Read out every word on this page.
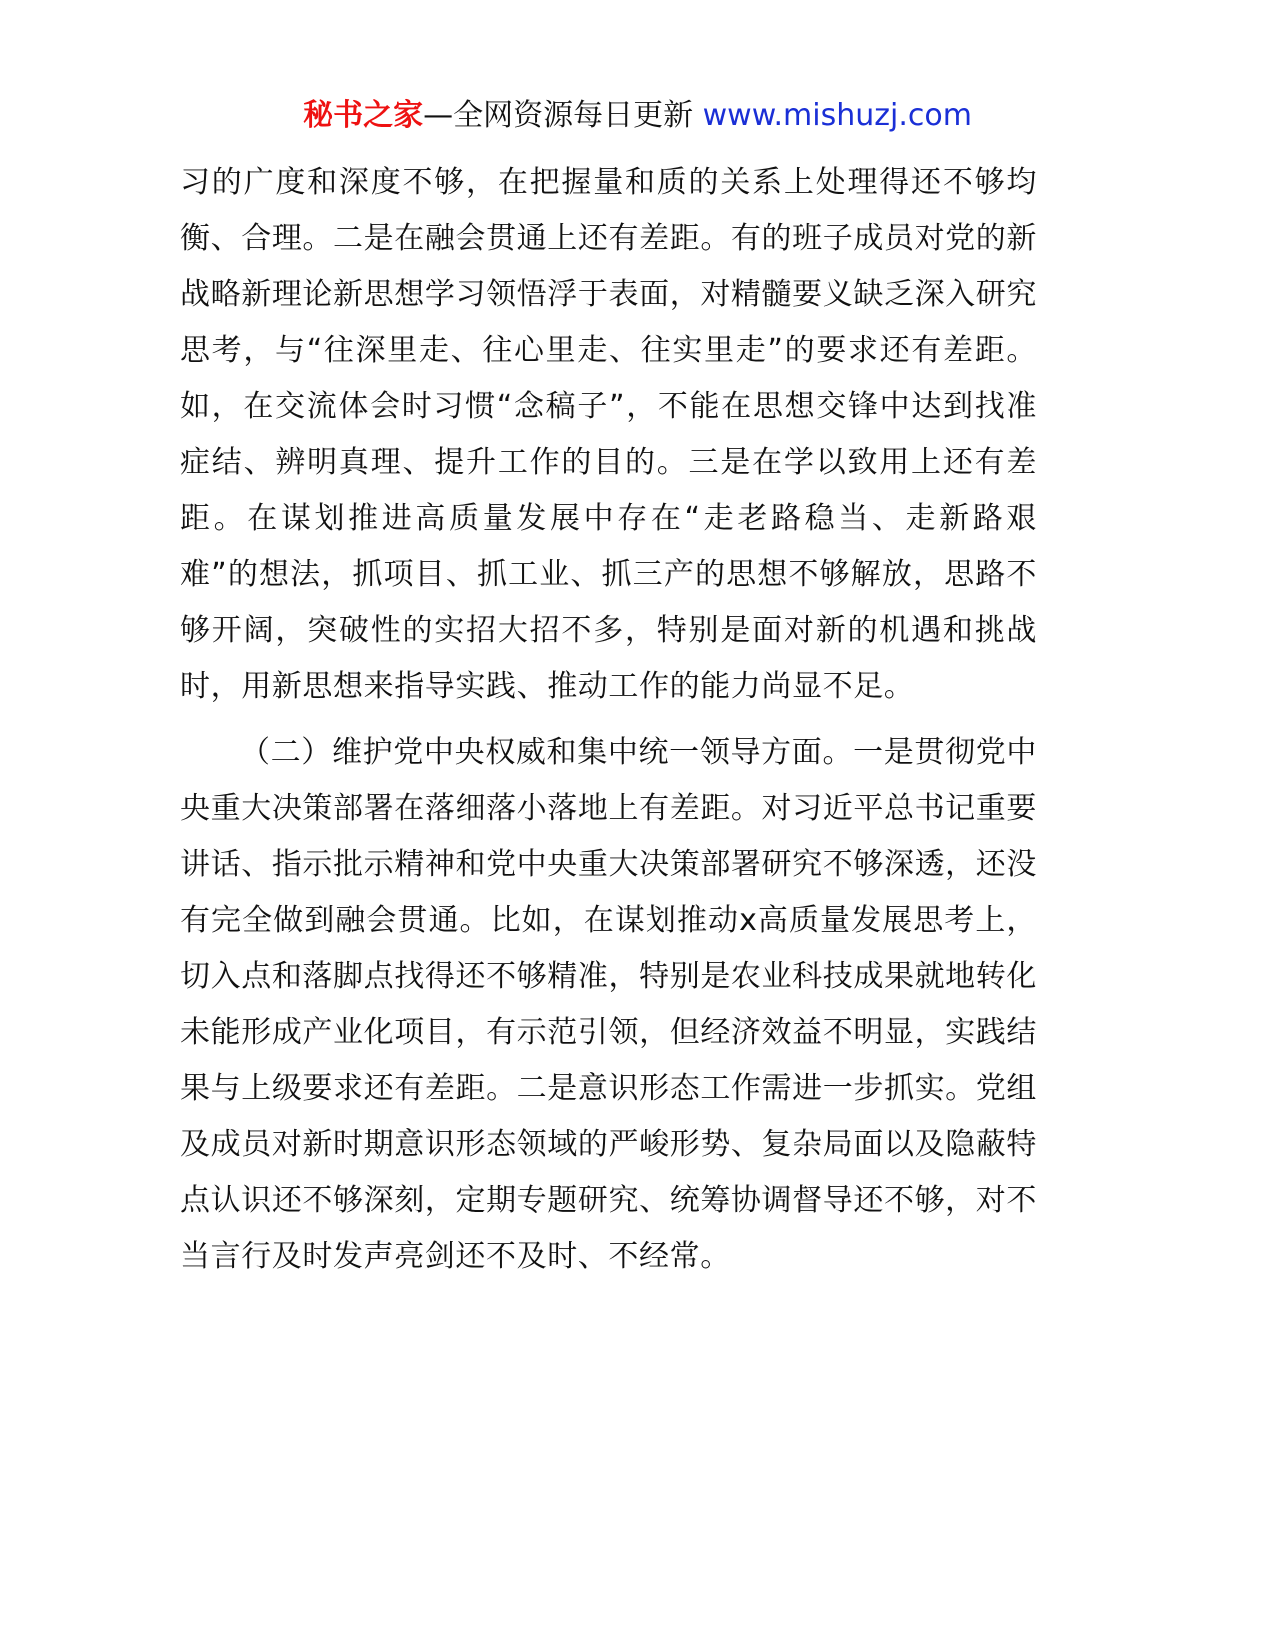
秘书之家—全网资源每日更新 www.mishuzj.com

习的广度和深度不够，在把握量和质的关系上处理得还不够均衡、合理。二是在融会贯通上还有差距。有的班子成员对党的新战略新理论新思想学习领悟浮于表面，对精髓要义缺乏深入研究思考，与“往深里走、往心里走、往实里走”的要求还有差距。如，在交流体会时习惯“念稿子”，不能在思想交锋中达到找准症结、辨明真理、提升工作的目的。三是在学以致用上还有差距。在谋划推进高质量发展中存在“走老路稳当、走新路艰难”的想法，抓项目、抓工业、抓三产的思想不够解放，思路不够开阔，突破性的实招大招不多，特别是面对新的机遇和挑战时，用新思想来指导实践、推动工作的能力尚显不足。

（二）维护党中央权威和集中统一领导方面。一是贯彻党中央重大决策部署在落细落小落地上有差距。对习近平总书记重要讲话、指示批示精神和党中央重大决策部署研究不够深透，还没有完全做到融会贯通。比如，在谋划推动x高质量发展思考上，切入点和落脚点找得还不够精准，特别是农业科技成果就地转化未能形成产业化项目，有示范引领，但经济效益不明显，实践结果与上级要求还有差距。二是意识形态工作需进一步抓实。党组及成员对新时期意识形态领域的严峻形势、复杂局面以及隐蔽特点认识还不够深刻，定期专题研究、统筹协调督导还不够，对不当言行及时发声亮剑还不及时、不经常。
